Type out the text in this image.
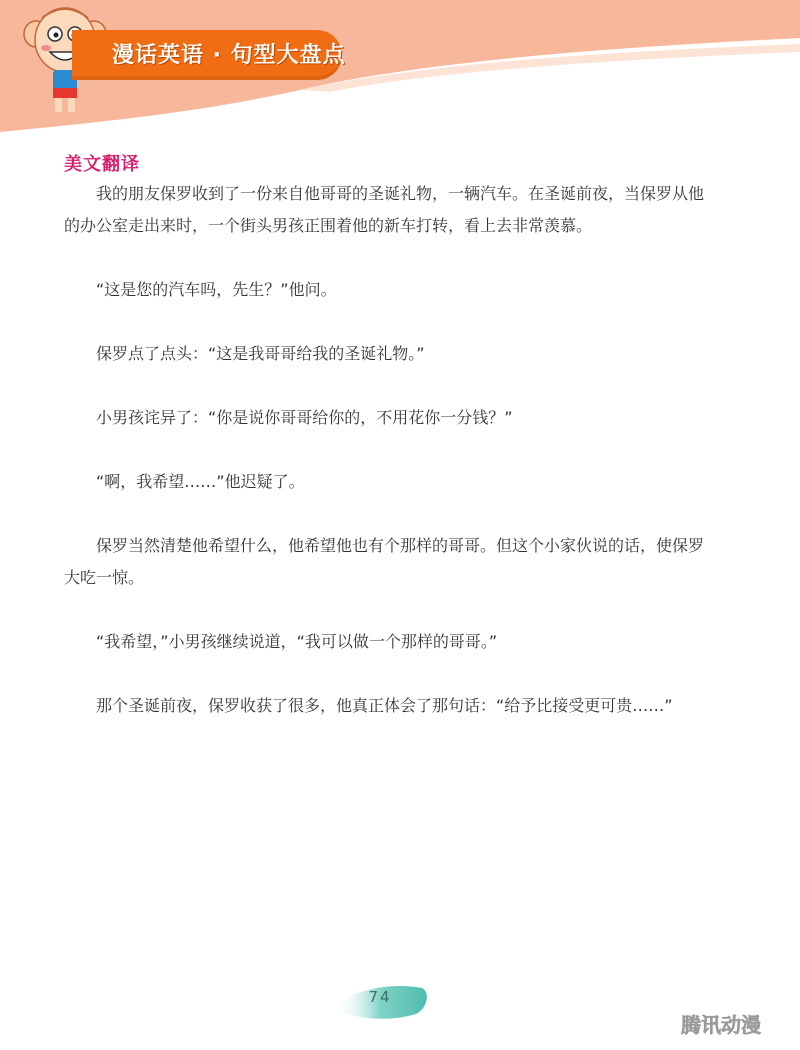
漫话英语 · 句型大盘点
美文翻译

我的朋友保罗收到了一份来自他哥哥的圣诞礼物，一辆汽车。在圣诞前夜，当保罗从他的办公室走出来时，一个街头男孩正围着他的新车打转，看上去非常羡慕。

“这是您的汽车吗，先生？”他问。

保罗点了点头：“这是我哥哥给我的圣诞礼物。”

小男孩诧异了：“你是说你哥哥给你的，不用花你一分钱？”

“啊，我希望……”他迟疑了。

保罗当然清楚他希望什么，他希望他也有个那样的哥哥。但这个小家伙说的话，使保罗大吃一惊。

“我希望，”小男孩继续说道，“我可以做一个那样的哥哥。”

那个圣诞前夜，保罗收获了很多，他真正体会了那句话：“给予比接受更可贵……”

74
腾讯动漫
